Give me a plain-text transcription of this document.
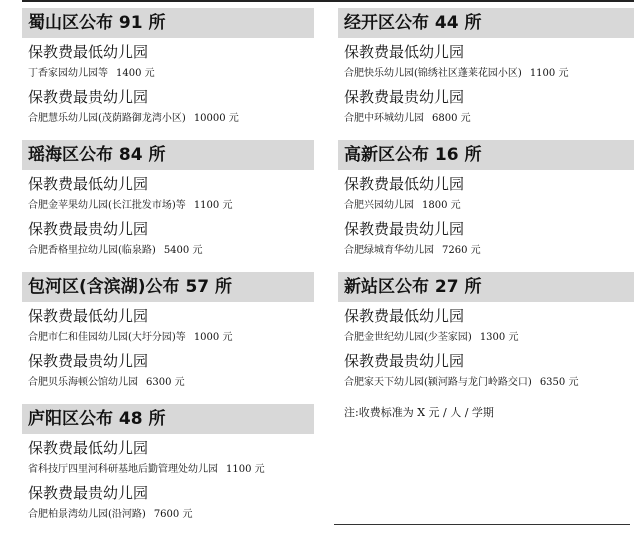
蜀山区公布 91 所
保教费最低幼儿园
丁香家园幼儿园等 1400 元
保教费最贵幼儿园
合肥慧乐幼儿园(茂荫路御龙湾小区) 10000 元
瑶海区公布 84 所
保教费最低幼儿园
合肥金苹果幼儿园(长江批发市场)等 1100 元
保教费最贵幼儿园
合肥香格里拉幼儿园(临泉路) 5400 元
包河区(含滨湖)公布 57 所
保教费最低幼儿园
合肥市仁和佳园幼儿园(大圩分园)等 1000 元
保教费最贵幼儿园
合肥贝乐海顿公馆幼儿园 6300 元
庐阳区公布 48 所
保教费最低幼儿园
省科技厅四里河科研基地后勤管理处幼儿园 1100 元
保教费最贵幼儿园
合肥柏景湾幼儿园(沿河路) 7600 元
经开区公布 44 所
保教费最低幼儿园
合肥快乐幼儿园(锦绣社区蓬莱花园小区) 1100 元
保教费最贵幼儿园
合肥中环城幼儿园 6800 元
高新区公布 16 所
保教费最低幼儿园
合肥兴园幼儿园 1800 元
保教费最贵幼儿园
合肥绿城育华幼儿园 7260 元
新站区公布 27 所
保教费最低幼儿园
合肥金世纪幼儿园(少荃家园) 1300 元
保教费最贵幼儿园
合肥家天下幼儿园(颍河路与龙门岭路交口) 6350 元
注:收费标准为 X 元 / 人 / 学期
